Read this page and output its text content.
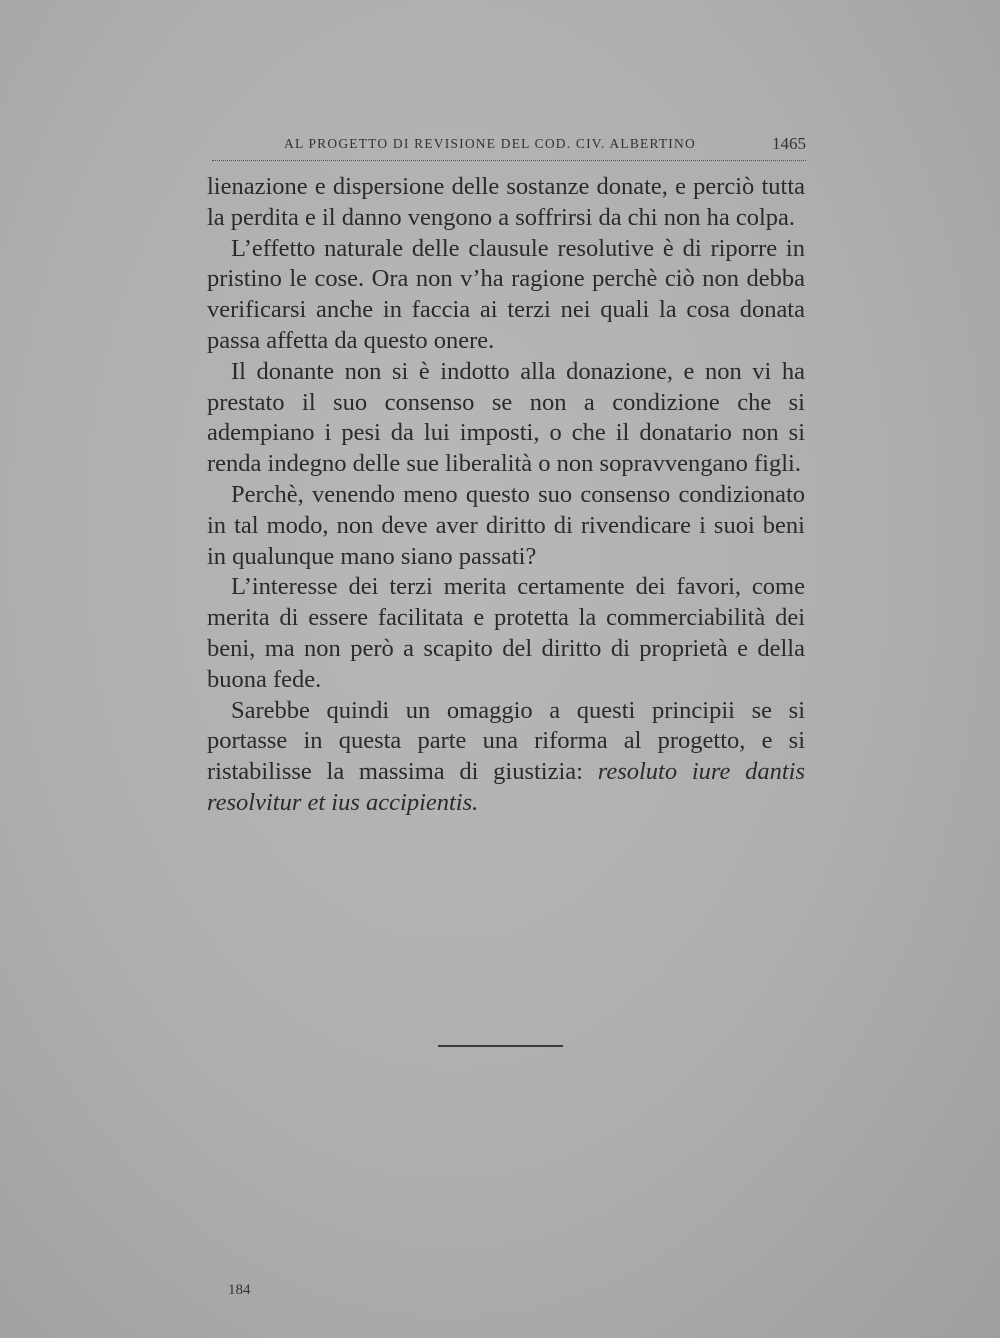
AL PROGETTO DI REVISIONE DEL COD. CIV. ALBERTINO	1465

lienazione e dispersione delle sostanze donate, e perciò tutta la perdita e il danno vengono a soffrirsi da chi non ha colpa.

L’effetto naturale delle clausule resolutive è di riporre in pristino le cose. Ora non v’ha ragione perchè ciò non debba verificarsi anche in faccia ai terzi nei quali la cosa donata passa affetta da questo onere.

Il donante non si è indotto alla donazione, e non vi ha prestato il suo consenso se non a condizione che si adempiano i pesi da lui imposti, o che il donatario non si renda indegno delle sue liberalità o non sopravvengano figli.

Perchè, venendo meno questo suo consenso condizionato in tal modo, non deve aver diritto di rivendicare i suoi beni in qualunque mano siano passati?

L’interesse dei terzi merita certamente dei favori, come merita di essere facilitata e protetta la commerciabilità dei beni, ma non però a scapito del diritto di proprietà e della buona fede.

Sarebbe quindi un omaggio a questi principii se si portasse in questa parte una riforma al progetto, e si ristabilisse la massima di giustizia: resoluto iure dantis resolvitur et ius accipientis.

184
